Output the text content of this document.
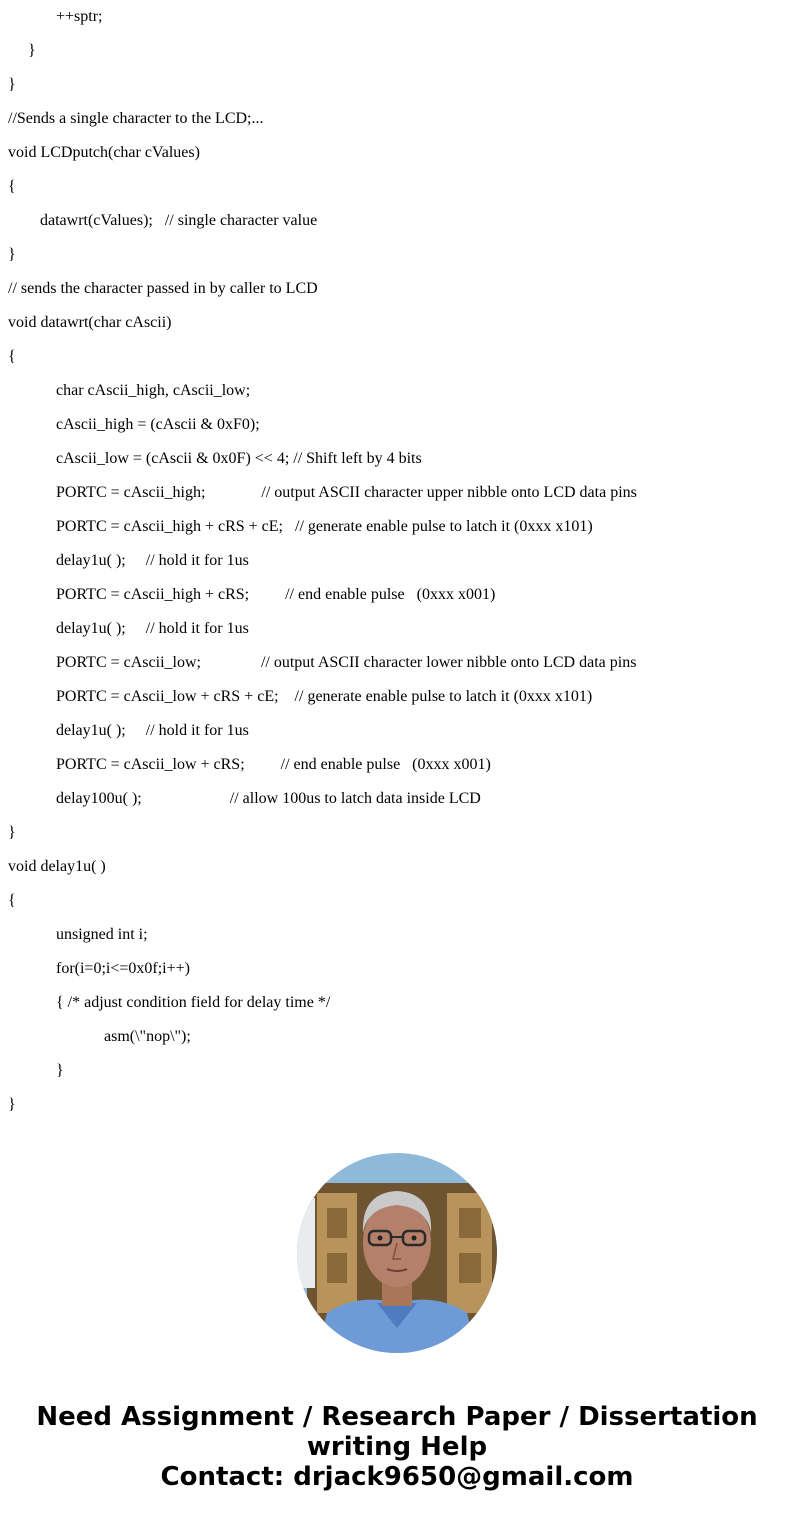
++sptr;
}
}
//Sends a single character to the LCD;...
void LCDputch(char cValues)
{
datawrt(cValues);   // single character value
}
// sends the character passed in by caller to LCD
void datawrt(char cAscii)
{
char cAscii_high, cAscii_low;
cAscii_high = (cAscii & 0xF0);
cAscii_low = (cAscii & 0x0F) << 4; // Shift left by 4 bits
PORTC = cAscii_high;              // output ASCII character upper nibble onto LCD data pins
PORTC = cAscii_high + cRS + cE;   // generate enable pulse to latch it (0xxx x101)
delay1u( );     // hold it for 1us
PORTC = cAscii_high + cRS;         // end enable pulse   (0xxx x001)
delay1u( );     // hold it for 1us
PORTC = cAscii_low;               // output ASCII character lower nibble onto LCD data pins
PORTC = cAscii_low + cRS + cE;    // generate enable pulse to latch it (0xxx x101)
delay1u( );     // hold it for 1us
PORTC = cAscii_low + cRS;         // end enable pulse   (0xxx x001)
delay100u( );                      // allow 100us to latch data inside LCD
}
void delay1u( )
{
unsigned int i;
for(i=0;i<=0x0f;i++)
{ /* adjust condition field for delay time */
asm(\"nop\");
}
}
Need Assignment / Research Paper / Dissertation
writing Help
Contact: drjack9650@gmail.com
